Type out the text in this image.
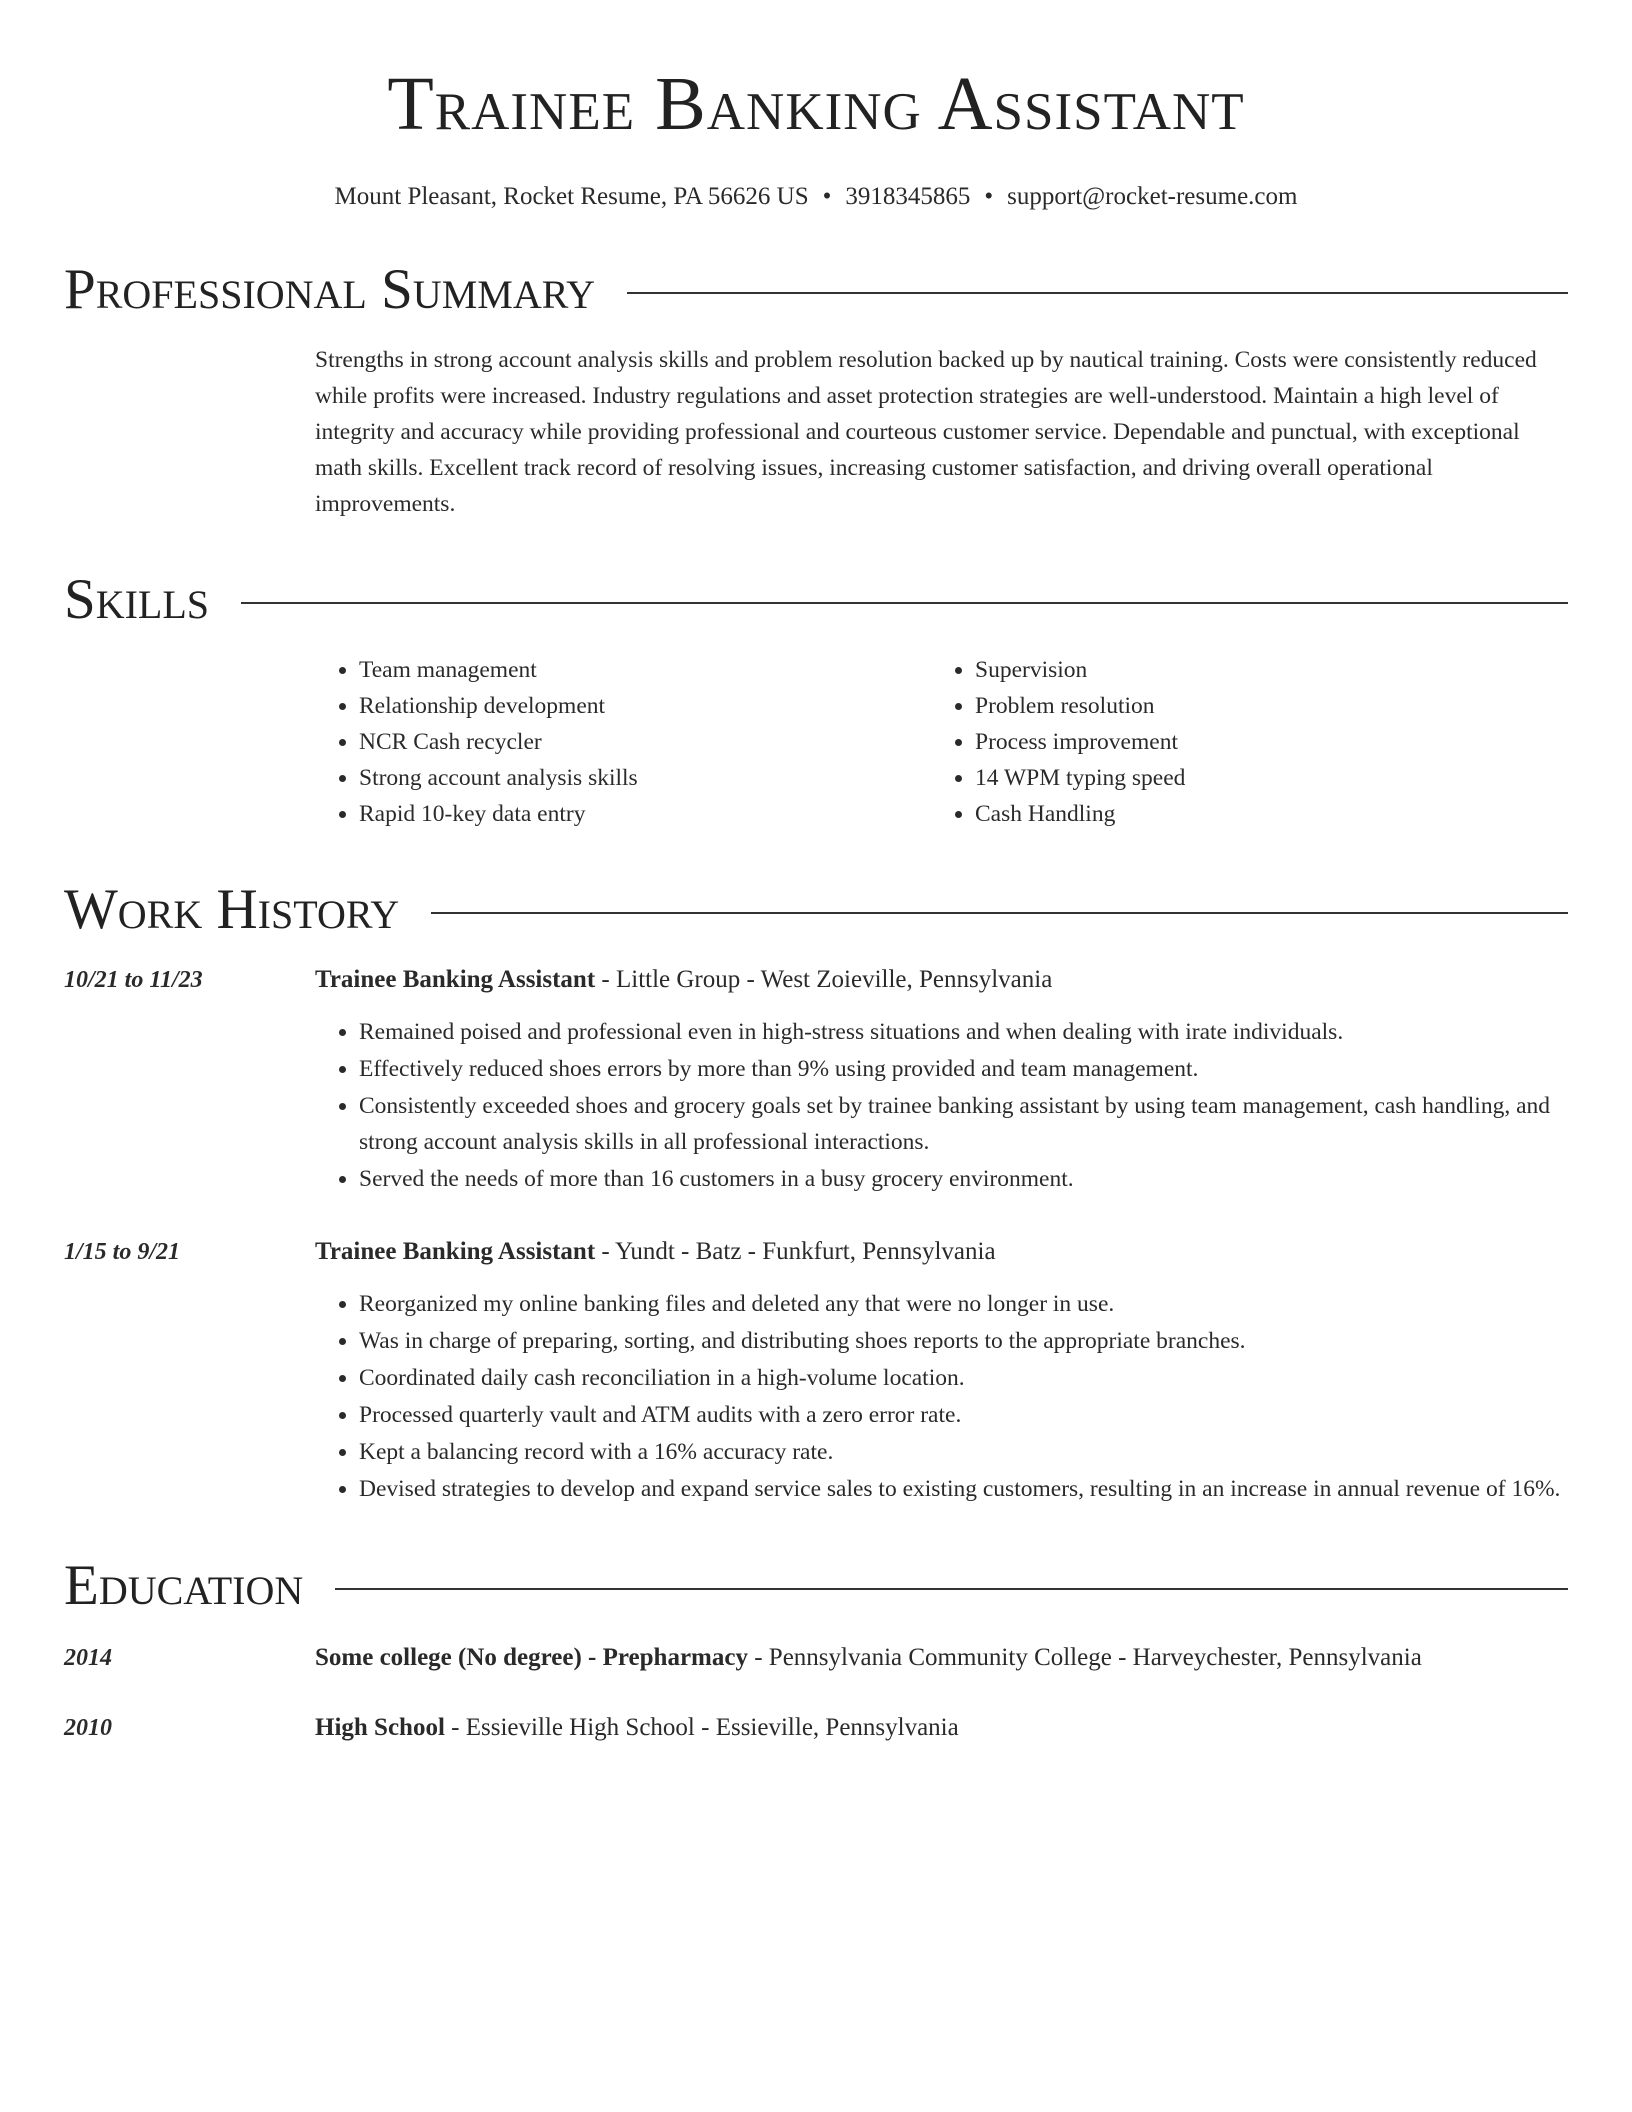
Trainee Banking Assistant
Mount Pleasant, Rocket Resume, PA 56626 US • 3918345865 • support@rocket-resume.com
Professional Summary

Strengths in strong account analysis skills and problem resolution backed up by nautical training. Costs were consistently reduced while profits were increased. Industry regulations and asset protection strategies are well-understood. Maintain a high level of integrity and accuracy while providing professional and courteous customer service. Dependable and punctual, with exceptional math skills. Excellent track record of resolving issues, increasing customer satisfaction, and driving overall operational improvements.

Skills
• Team management
• Relationship development
• NCR Cash recycler
• Strong account analysis skills
• Rapid 10-key data entry
• Supervision
• Problem resolution
• Process improvement
• 14 WPM typing speed
• Cash Handling
Work History
10/21 to 11/23	Trainee Banking Assistant - Little Group - West Zoieville, Pennsylvania
• Remained poised and professional even in high-stress situations and when dealing with irate individuals.
• Effectively reduced shoes errors by more than 9% using provided and team management.
• Consistently exceeded shoes and grocery goals set by trainee banking assistant by using team management, cash handling, and strong account analysis skills in all professional interactions.
• Served the needs of more than 16 customers in a busy grocery environment.
1/15 to 9/21	Trainee Banking Assistant - Yundt - Batz - Funkfurt, Pennsylvania
• Reorganized my online banking files and deleted any that were no longer in use.
• Was in charge of preparing, sorting, and distributing shoes reports to the appropriate branches.
• Coordinated daily cash reconciliation in a high-volume location.
• Processed quarterly vault and ATM audits with a zero error rate.
• Kept a balancing record with a 16% accuracy rate.
• Devised strategies to develop and expand service sales to existing customers, resulting in an increase in annual revenue of 16%.
Education
2014	Some college (No degree) - Prepharmacy - Pennsylvania Community College - Harveychester, Pennsylvania
2010	High School - Essieville High School - Essieville, Pennsylvania
